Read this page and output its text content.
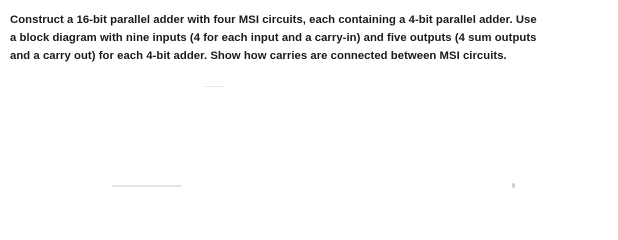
Construct a 16-bit parallel adder with four MSI circuits, each containing a 4-bit parallel adder. Use
a block diagram with nine inputs (4 for each input and a carry-in) and five outputs (4 sum outputs
and a carry out) for each 4-bit adder. Show how carries are connected between MSI circuits.
